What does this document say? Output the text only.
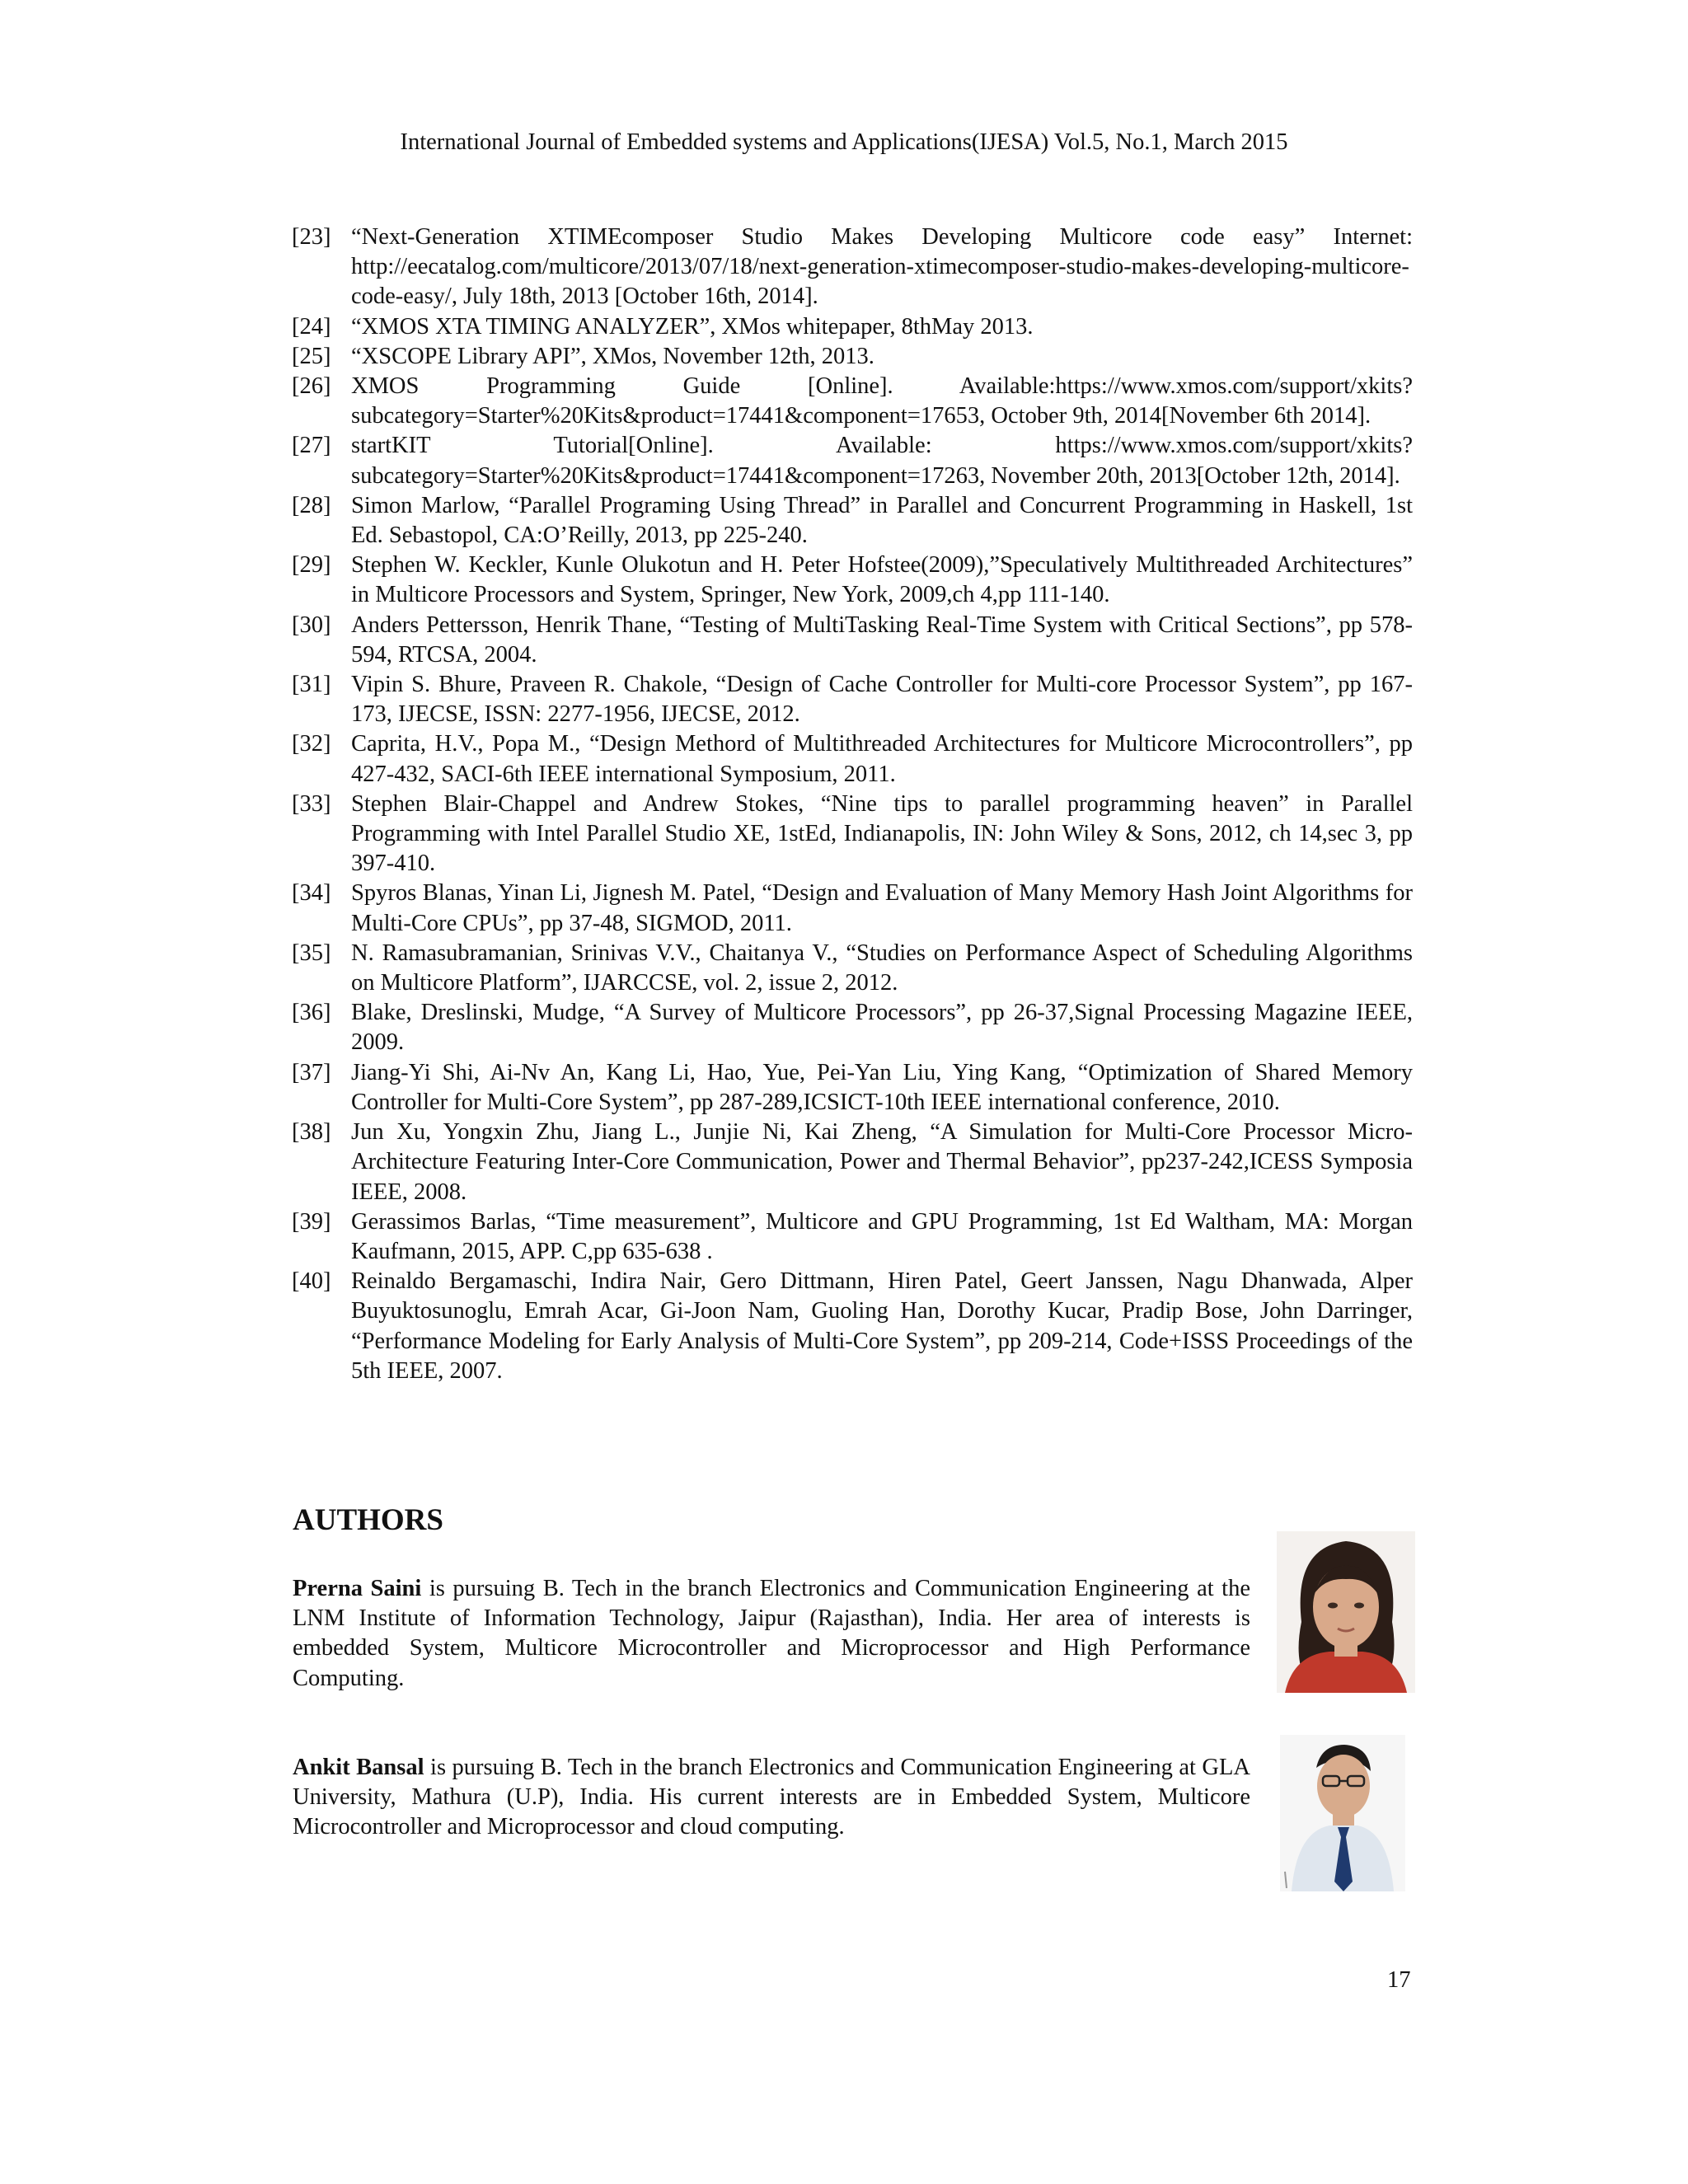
International Journal of Embedded systems and Applications(IJESA) Vol.5, No.1, March 2015
[23] “Next-Generation XTIMEcomposer Studio Makes Developing Multicore code easy” Internet: http://eecatalog.com/multicore/2013/07/18/next-generation-xtimecomposer-studio-makes-developing-multicore-code-easy/, July 18th, 2013 [October 16th, 2014].
[24] “XMOS XTA TIMING ANALYZER”, XMos whitepaper, 8thMay 2013.
[25] “XSCOPE Library API”, XMos, November 12th, 2013.
[26] XMOS Programming Guide [Online]. Available:https://www.xmos.com/support/xkits?subcategory=Starter%20Kits&product=17441&component=17653, October 9th, 2014[November 6th 2014].
[27] startKIT Tutorial[Online]. Available: https://www.xmos.com/support/xkits?subcategory=Starter%20Kits&product=17441&component=17263, November 20th, 2013[October 12th, 2014].
[28] Simon Marlow, “Parallel Programing Using Thread” in Parallel and Concurrent Programming in Haskell, 1st Ed. Sebastopol, CA:O’Reilly, 2013, pp 225-240.
[29] Stephen W. Keckler, Kunle Olukotun and H. Peter Hofstee(2009),”Speculatively Multithreaded Architectures” in Multicore Processors and System, Springer, New York, 2009,ch 4,pp 111-140.
[30] Anders Pettersson, Henrik Thane, “Testing of MultiTasking Real-Time System with Critical Sections”, pp 578-594, RTCSA, 2004.
[31] Vipin S. Bhure, Praveen R. Chakole, “Design of Cache Controller for Multi-core Processor System”, pp 167-173, IJECSE, ISSN: 2277-1956, IJECSE, 2012.
[32] Caprita, H.V., Popa M., “Design Methord of Multithreaded Architectures for Multicore Microcontrollers”, pp 427-432, SACI-6th IEEE international Symposium, 2011.
[33] Stephen Blair-Chappel and Andrew Stokes, “Nine tips to parallel programming heaven” in Parallel Programming with Intel Parallel Studio XE, 1stEd, Indianapolis, IN: John Wiley & Sons, 2012, ch 14,sec 3, pp 397-410.
[34] Spyros Blanas, Yinan Li, Jignesh M. Patel, “Design and Evaluation of Many Memory Hash Joint Algorithms for Multi-Core CPUs”, pp 37-48, SIGMOD, 2011.
[35] N. Ramasubramanian, Srinivas V.V., Chaitanya V., “Studies on Performance Aspect of Scheduling Algorithms on Multicore Platform”, IJARCCSE, vol. 2, issue 2, 2012.
[36] Blake, Dreslinski, Mudge, “A Survey of Multicore Processors”, pp 26-37,Signal Processing Magazine IEEE, 2009.
[37] Jiang-Yi Shi, Ai-Nv An, Kang Li, Hao, Yue, Pei-Yan Liu, Ying Kang, “Optimization of Shared Memory Controller for Multi-Core System”, pp 287-289,ICSICT-10th IEEE international conference, 2010.
[38] Jun Xu, Yongxin Zhu, Jiang L., Junjie Ni, Kai Zheng, “A Simulation for Multi-Core Processor Micro-Architecture Featuring Inter-Core Communication, Power and Thermal Behavior”, pp237-242,ICESS Symposia IEEE, 2008.
[39] Gerassimos Barlas, “Time measurement”, Multicore and GPU Programming, 1st Ed Waltham, MA: Morgan Kaufmann, 2015, APP. C,pp 635-638 .
[40] Reinaldo Bergamaschi, Indira Nair, Gero Dittmann, Hiren Patel, Geert Janssen, Nagu Dhanwada, Alper Buyuktosunoglu, Emrah Acar, Gi-Joon Nam, Guoling Han, Dorothy Kucar, Pradip Bose, John Darringer, “Performance Modeling for Early Analysis of Multi-Core System”, pp 209-214, Code+ISSS Proceedings of the 5th IEEE, 2007.
AUTHORS
Prerna Saini is pursuing B. Tech in the branch Electronics and Communication Engineering at the LNM Institute of Information Technology, Jaipur (Rajasthan), India. Her area of interests is embedded System, Multicore Microcontroller and Microprocessor and High Performance Computing.
Ankit Bansal is pursuing B. Tech in the branch Electronics and Communication Engineering at GLA University, Mathura (U.P), India. His current interests are in Embedded System, Multicore Microcontroller and Microprocessor and cloud computing.
17
